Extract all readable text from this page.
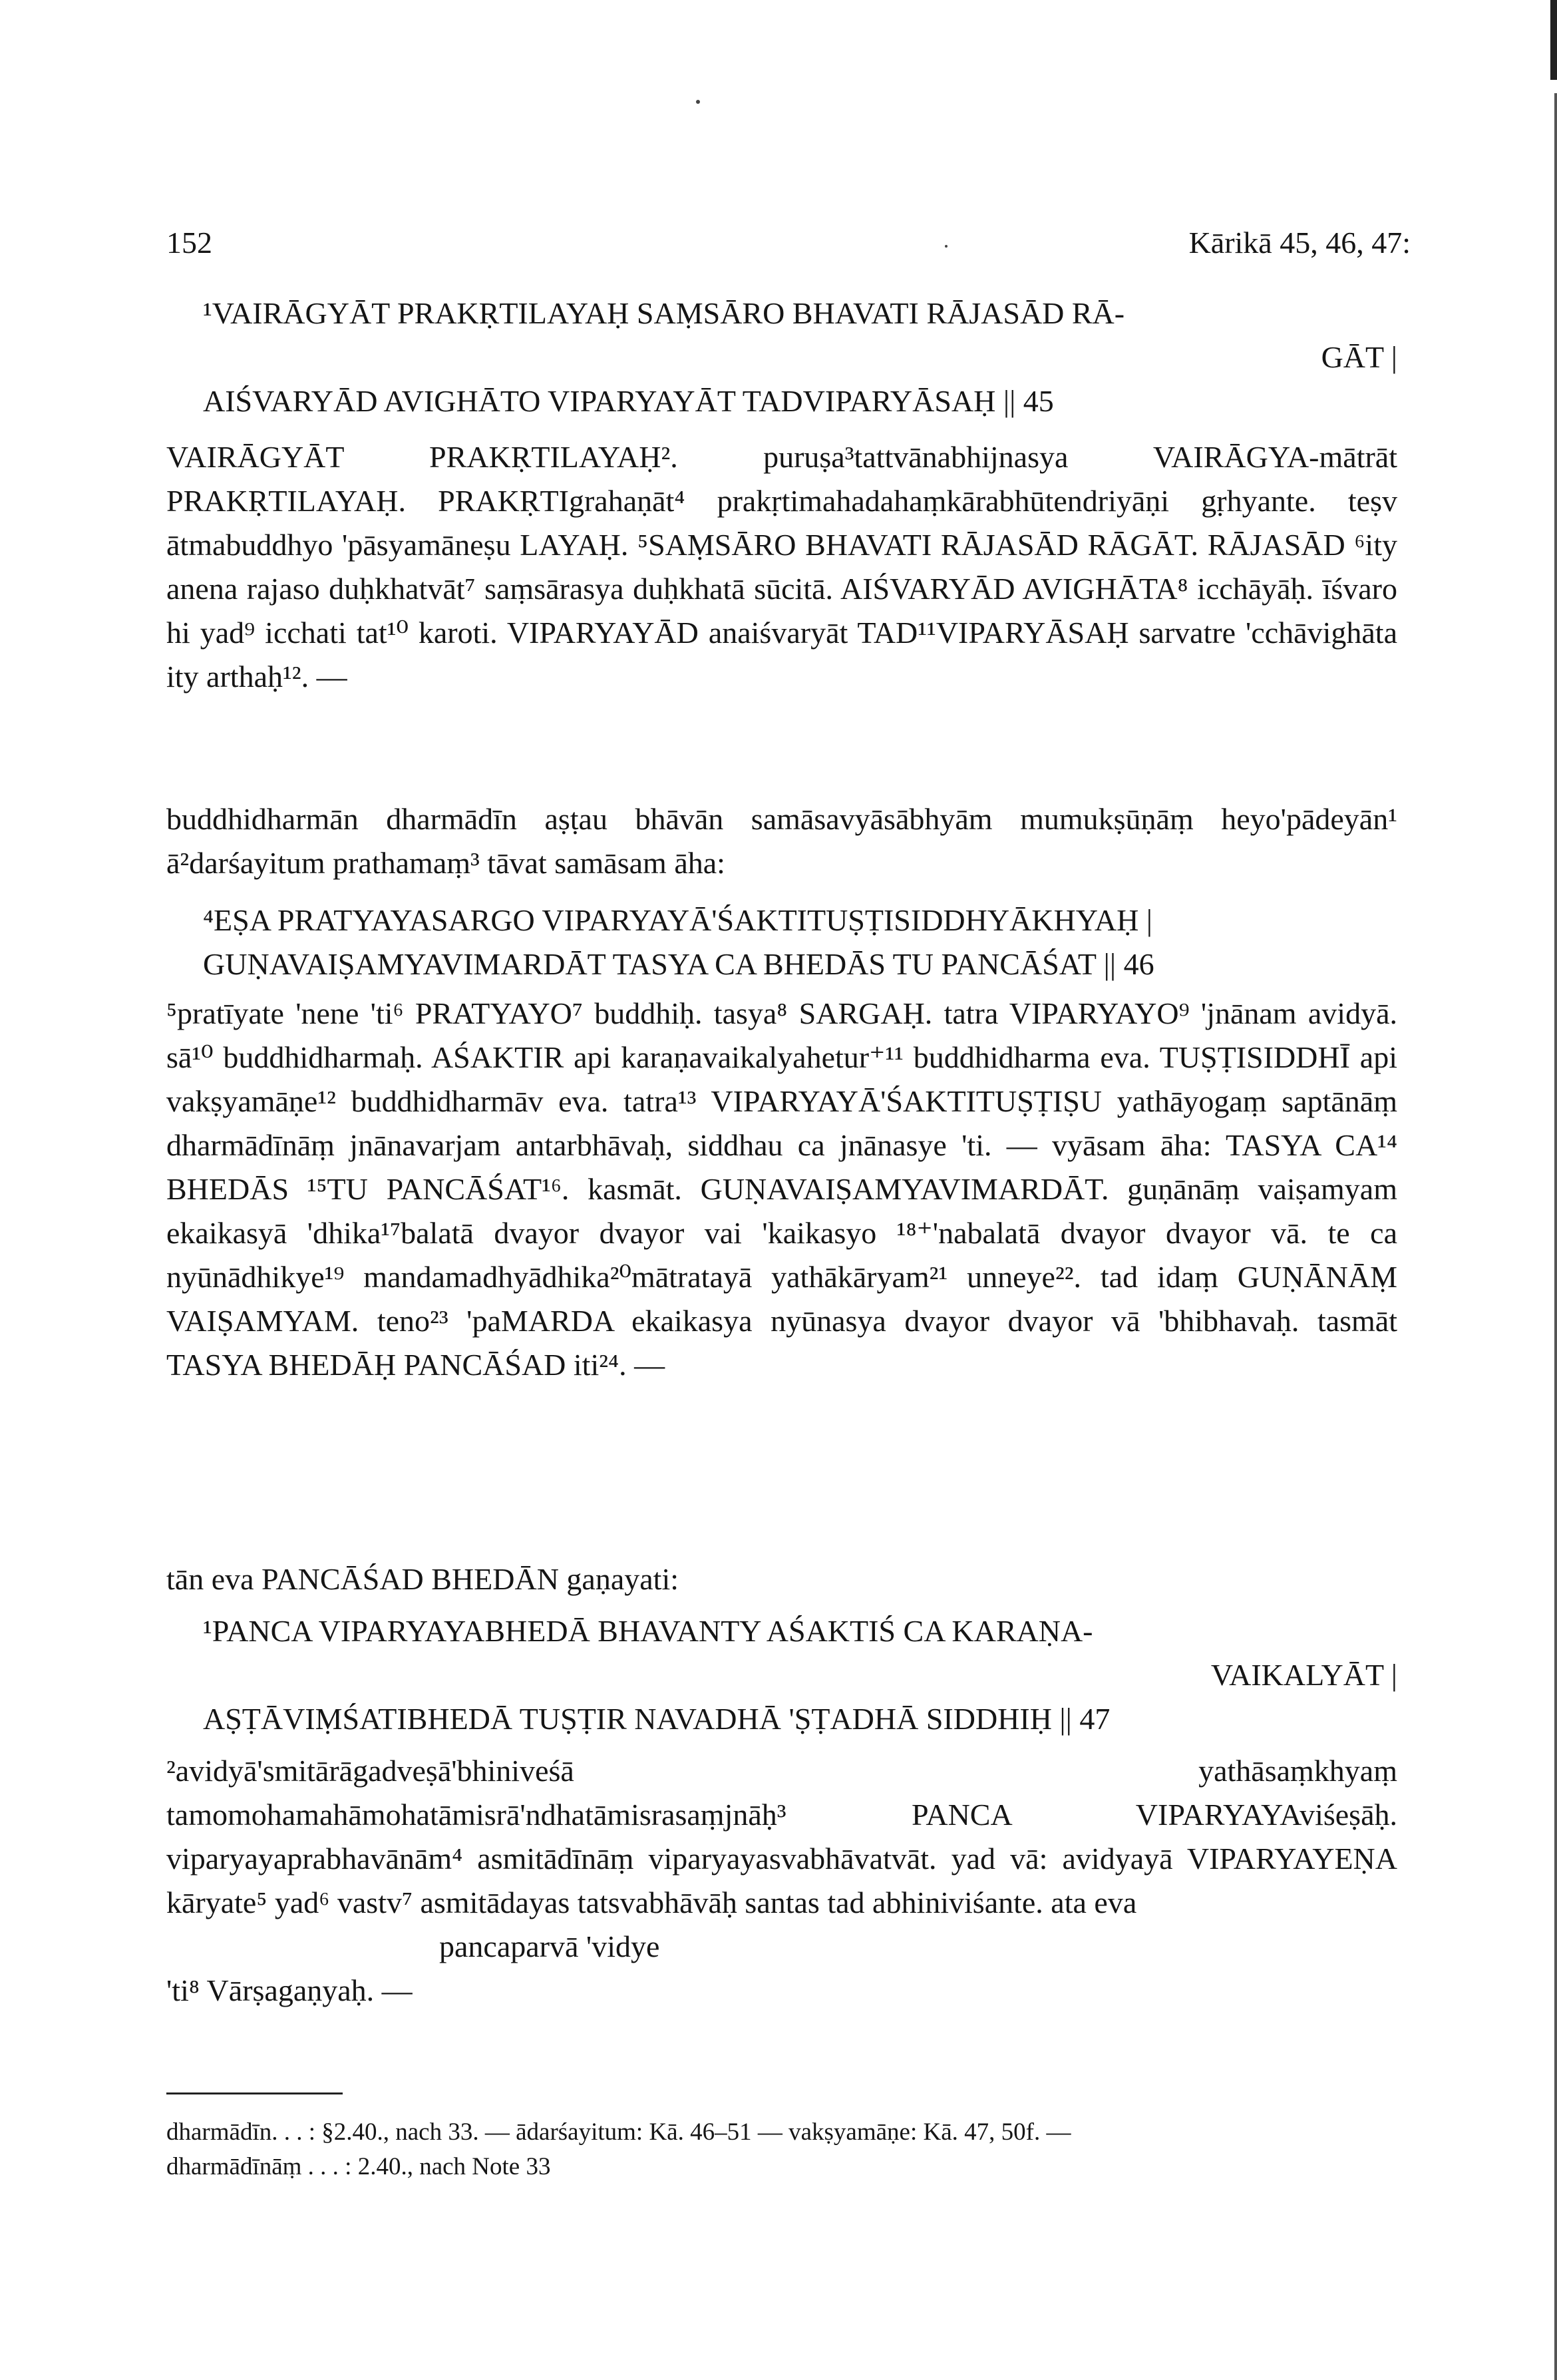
152	Kārikā 45, 46, 47:
¹VAIRĀGYĀT PRAKṚTILAYAḤ SAṂSĀRO BHAVATI RĀJASĀD RĀ-
GĀT |
AIŚVARYĀD AVIGHĀTO VIPARYAYĀT TADVIPARYĀSAḤ || 45

VAIRĀGYĀT PRAKṚTILAYAḤ². puruṣa³tattvānabhijnasya VAIRĀGYA-mātrāt PRAKṚTILAYAḤ. PRAKṚTIgrahaṇāt⁴ prakṛtimahadahaṃkārabhūtendriyāṇi gṛhyante. teṣv ātmabuddhyo 'pāsyamāneṣu LAYAḤ. ⁵SAṂSĀRO BHAVATI RĀJASĀD RĀGĀT. RĀJASĀD ⁶ity anena rajaso duḥkhatvāt⁷ saṃsārasya duḥkhatā sūcitā. AIŚVARYĀD AVIGHĀTA⁸ icchāyāḥ. īśvaro hi yad⁹ icchati tat¹⁰ karoti. VIPARYAYĀD anaiśvaryāt TAD¹¹VIPARYĀSAḤ sarvatre 'cchāvighāta ity arthaḥ¹². —

buddhidharmān dharmādīn aṣṭau bhāvān samāsavyāsābhyām mumukṣūṇāṃ heyo'pādeyān¹ ā²darśayitum prathamaṃ³ tāvat samāsam āha:

⁴EṢA PRATYAYASARGO VIPARYAYĀ'ŚAKTITUṢṬISIDDHYĀKHYAḤ |
GUṆAVAIṢAMYAVIMARDĀT TASYA CA BHEDĀS TU PANCĀŚAT || 46

⁵pratīyate 'nene 'ti⁶ PRATYAYO⁷ buddhiḥ. tasya⁸ SARGAḤ. tatra VIPARYAYO⁹ 'jnānam avidyā. sā¹⁰ buddhidharmaḥ. AŚAKTIR api karaṇavaikalyahetur⁺¹¹ buddhidharma eva. TUṢṬISIDDHĪ api vakṣyamāṇe¹² buddhidharmāv eva. tatra¹³ VIPARYAYĀ'ŚAKTITUṢṬIṢU yathāyogaṃ saptānāṃ dharmādīnāṃ jnānavarjam antarbhāvaḥ, siddhau ca jnānasye 'ti. — vyāsam āha: TASYA CA¹⁴ BHEDĀS ¹⁵TU PANCĀŚAT¹⁶. kasmāt. GUṆAVAIṢAMYAVIMARDĀT. guṇānāṃ vaiṣamyam ekaikasyā 'dhika¹⁷balatā dvayor dvayor vai 'kaikasyo ¹⁸⁺'nabalatā dvayor dvayor vā. te ca nyūnādhikye¹⁹ mandamadhyādhika²⁰mātratayā yathākāryam²¹ unneye²². tad idaṃ GUṆĀNĀṂ VAIṢAMYAM. teno²³ 'paMARDA ekaikasya nyūnasya dvayor dvayor vā 'bhibhavaḥ. tasmāt TASYA BHEDĀḤ PANCĀŚAD iti²⁴. —

tān eva PANCĀŚAD BHEDĀN gaṇayati:

¹PANCA VIPARYAYABHEDĀ BHAVANTY AŚAKTIŚ CA KARAṆA-
VAIKALYĀT |
AṢṬĀVIṂŚATIBHEDĀ TUṢṬIR NAVADHĀ 'ṢṬADHĀ SIDDHIḤ || 47

²avidyā'smitārāgadveṣā'bhiniveśā yathāsaṃkhyaṃ tamomohamahāmohatāmisrā'ndhatāmisrasaṃjnāḥ³ PANCA VIPARYAYAviśeṣāḥ. viparyayaprabhavānām⁴ asmitādīnāṃ viparyayasvabhāvatvāt. yad vā: avidyayā VIPARYAYEṆA kāryate⁵ yad⁶ vastv⁷ asmitādayas tatsvabhāvāḥ santas tad abhiniviśante. ata eva

pancaparvā 'vidye
'ti⁸ Vārṣagaṇyaḥ. —
dharmādīn. . . : §2.40., nach 33. — ādarśayitum: Kā. 46–51 — vakṣyamāṇe: Kā. 47, 50f. —
dharmādīnāṃ . . . : 2.40., nach Note 33
